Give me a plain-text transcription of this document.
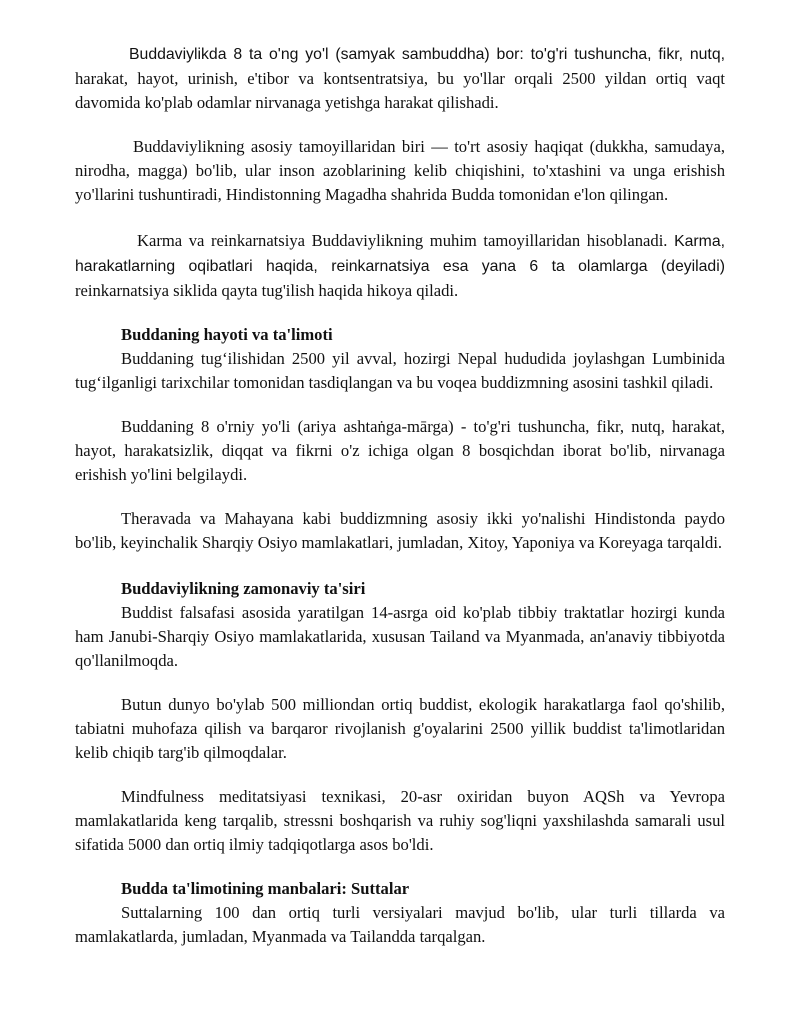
Buddaviylikda 8 ta o'ng yo'l (samyak sambuddha) bor: to'g'ri tushuncha, fikr, nutq, harakat, hayot, urinish, e'tibor va kontsentratsiya, bu yo'llar orqali 2500 yildan ortiq vaqt davomida ko'plab odamlar nirvanaga yetishga harakat qilishadi.

Buddaviylikning asosiy tamoyillaridan biri — to'rt asosiy haqiqat (dukkha, samudaya, nirodha, magga) bo'lib, ular inson azoblarining kelib chiqishini, to'xtashini va unga erishish yo'llarini tushuntiradi, Hindistonning Magadha shahrida Budda tomonidan e'lon qilingan.

Karma va reinkarnatsiya Buddaviylikning muhim tamoyillaridan hisoblanadi. Karma, harakatlarning oqibatlari haqida, reinkarnatsiya esa yana 6 ta olamlarga (deyiladi) reinkarnatsiya siklida qayta tug'ilish haqida hikoya qiladi.

Buddaning hayoti va ta'limoti

Buddaning tug‘ilishidan 2500 yil avval, hozirgi Nepal hududida joylashgan Lumbinida tug‘ilganligi tarixchilar tomonidan tasdiqlangan va bu voqea buddizmning asosini tashkil qiladi.

Buddaning 8 o'rniy yo'li (ariya ashtaṅga-mārga) - to'g'ri tushuncha, fikr, nutq, harakat, hayot, harakatsizlik, diqqat va fikrni o'z ichiga olgan 8 bosqichdan iborat bo'lib, nirvanaga erishish yo'lini belgilaydi.

Theravada va Mahayana kabi buddizmning asosiy ikki yo'nalishi Hindistonda paydo bo'lib, keyinchalik Sharqiy Osiyo mamlakatlari, jumladan, Xitoy, Yaponiya va Koreyaga tarqaldi.

Buddaviylikning zamonaviy ta'siri

Buddist falsafasi asosida yaratilgan 14-asrga oid ko'plab tibbiy traktatlar hozirgi kunda ham Janubi-Sharqiy Osiyo mamlakatlarida, xususan Tailand va Myanmada, an'anaviy tibbiyotda qo'llanilmoqda.

Butun dunyo bo'ylab 500 milliondan ortiq buddist, ekologik harakatlarga faol qo'shilib, tabiatni muhofaza qilish va barqaror rivojlanish g'oyalarini 2500 yillik buddist ta'limotlaridan kelib chiqib targ'ib qilmoqdalar.

Mindfulness meditatsiyasi texnikasi, 20-asr oxiridan buyon AQSh va Yevropa mamlakatlarida keng tarqalib, stressni boshqarish va ruhiy sog'liqni yaxshilashda samarali usul sifatida 5000 dan ortiq ilmiy tadqiqotlarga asos bo'ldi.

Budda ta'limotining manbalari: Suttalar

Suttalarning 100 dan ortiq turli versiyalari mavjud bo'lib, ular turli tillarda va mamlakatlarda, jumladan, Myanmada va Tailandda tarqalgan.
